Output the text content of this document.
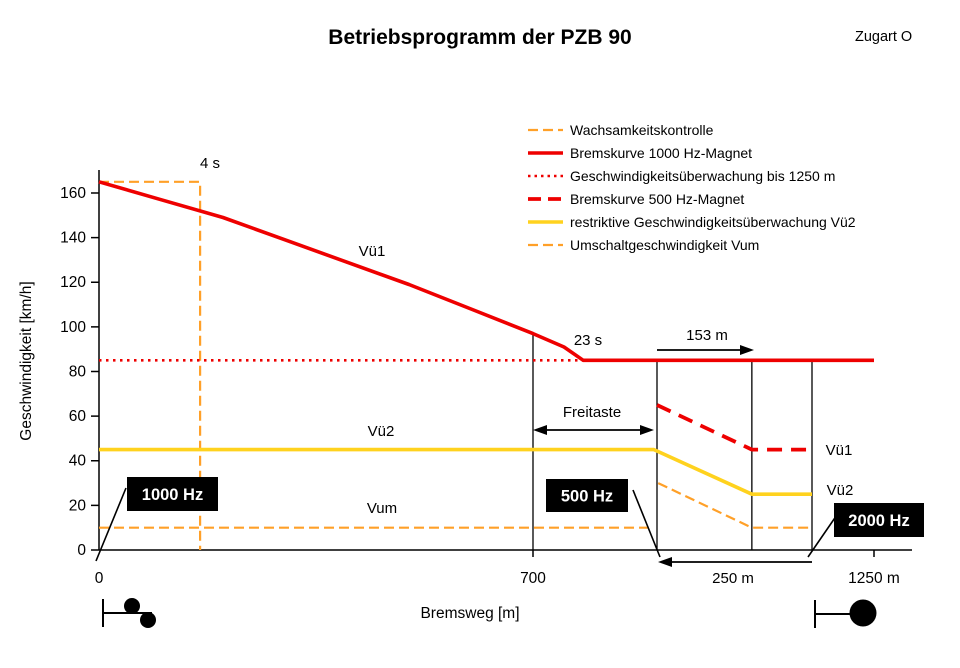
Betriebsprogramm der PZB 90	Zugart O
Geschwindigkeit [km/h]
Bremsweg [m]
0
20
40
60
80
100
120
140
160
0	700	1250 m
4 s
23 s	153 m
Freitaste
Vü1
Vü2
Vum
Vü1
Vü2
250 m
1000 Hz	500 Hz
2000 Hz
Wachsamkeitskontrolle
Bremskurve 1000 Hz-Magnet
Geschwindigkeitsüberwachung bis 1250 m
Bremskurve 500 Hz-Magnet
restriktive Geschwindigkeitsüberwachung Vü2
Umschaltgeschwindigkeit Vum
